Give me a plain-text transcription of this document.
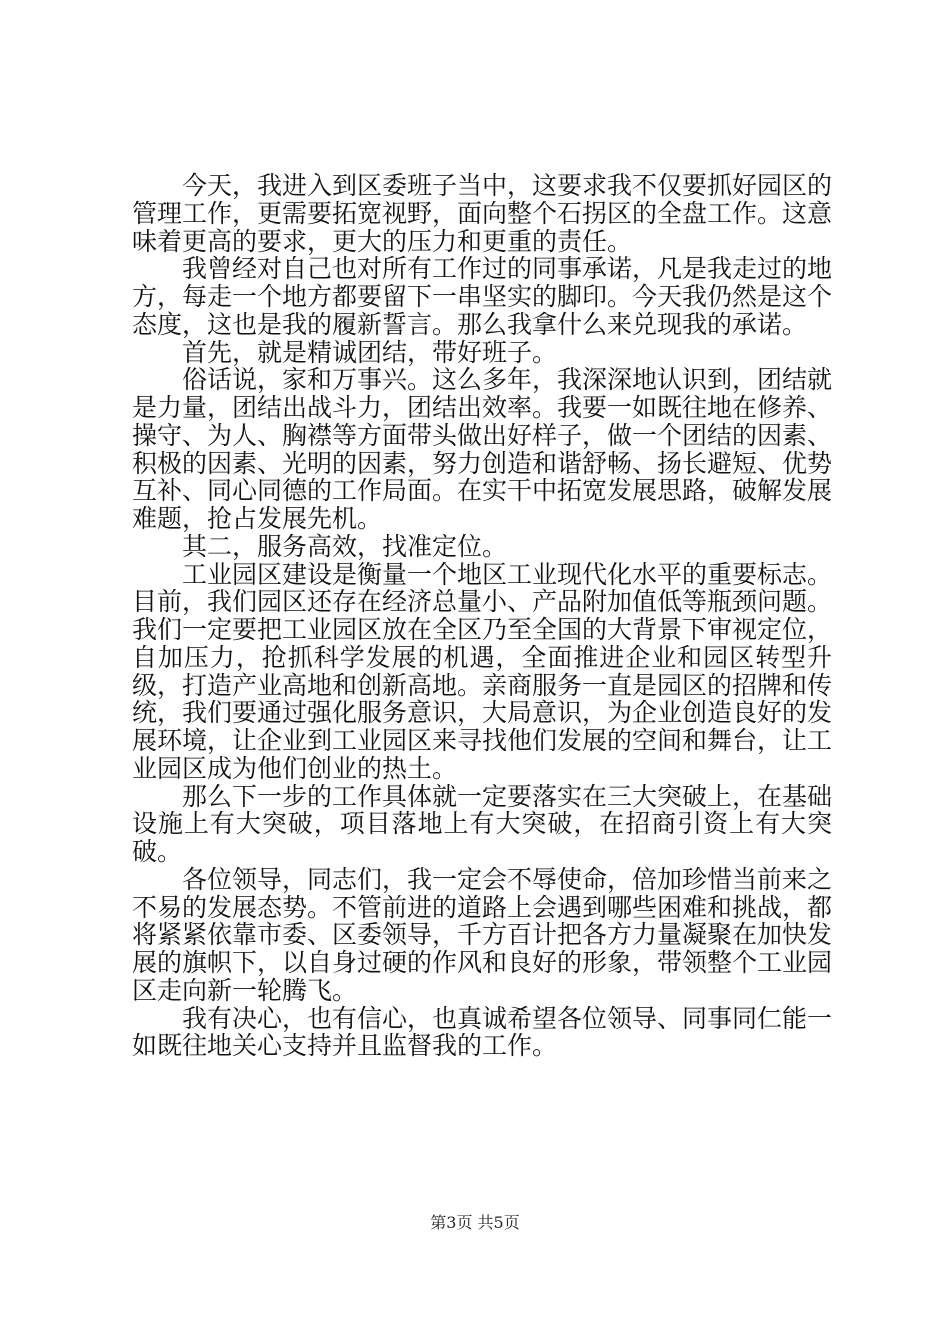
今天，我进入到区委班子当中，这要求我不仅要抓好园区的管理工作，更需要拓宽视野，面向整个石拐区的全盘工作。这意味着更高的要求，更大的压力和更重的责任。

我曾经对自己也对所有工作过的同事承诺，凡是我走过的地方，每走一个地方都要留下一串坚实的脚印。今天我仍然是这个态度，这也是我的履新誓言。那么我拿什么来兑现我的承诺。

首先，就是精诚团结，带好班子。

俗话说，家和万事兴。这么多年，我深深地认识到，团结就是力量，团结出战斗力，团结出效率。我要一如既往地在修养、操守、为人、胸襟等方面带头做出好样子，做一个团结的因素、积极的因素、光明的因素，努力创造和谐舒畅、扬长避短、优势互补、同心同德的工作局面。在实干中拓宽发展思路，破解发展难题，抢占发展先机。

其二，服务高效，找准定位。

工业园区建设是衡量一个地区工业现代化水平的重要标志。目前，我们园区还存在经济总量小、产品附加值低等瓶颈问题。我们一定要把工业园区放在全区乃至全国的大背景下审视定位，自加压力，抢抓科学发展的机遇，全面推进企业和园区转型升级，打造产业高地和创新高地。亲商服务一直是园区的招牌和传统，我们要通过强化服务意识，大局意识，为企业创造良好的发展环境，让企业到工业园区来寻找他们发展的空间和舞台，让工业园区成为他们创业的热土。

那么下一步的工作具体就一定要落实在三大突破上，在基础设施上有大突破，项目落地上有大突破，在招商引资上有大突破。

各位领导，同志们，我一定会不辱使命，倍加珍惜当前来之不易的发展态势。不管前进的道路上会遇到哪些困难和挑战，都将紧紧依靠市委、区委领导，千方百计把各方力量凝聚在加快发展的旗帜下，以自身过硬的作风和良好的形象，带领整个工业园区走向新一轮腾飞。

我有决心，也有信心，也真诚希望各位领导、同事同仁能一如既往地关心支持并且监督我的工作。

第3页 共5页
